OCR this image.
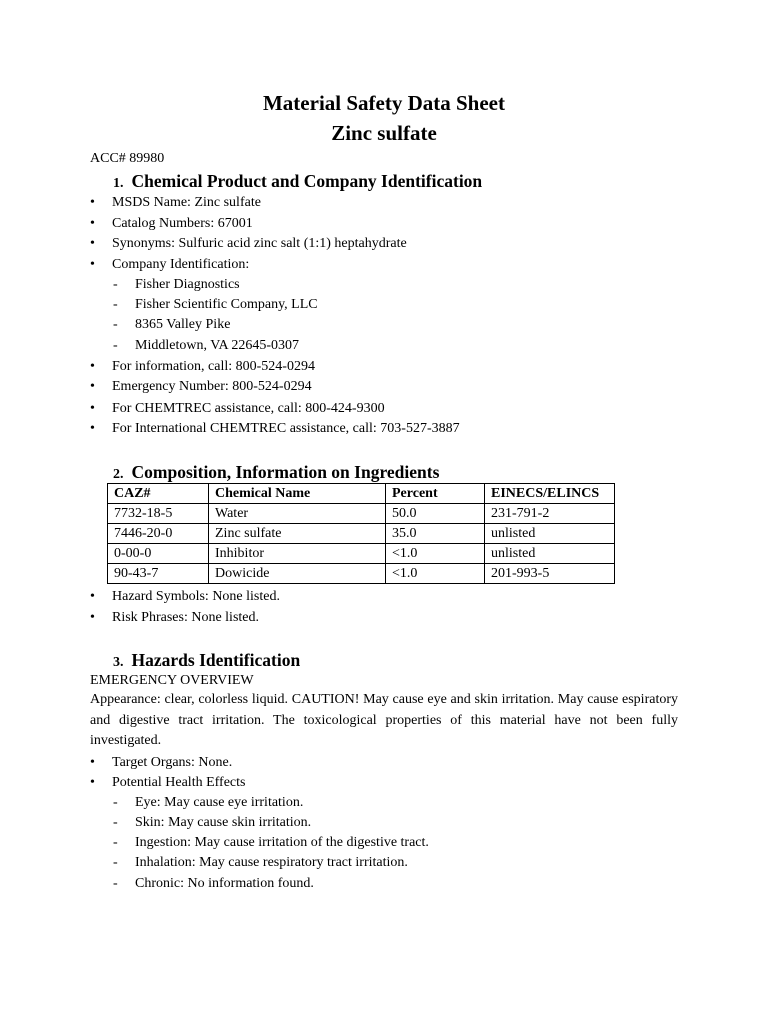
Material Safety Data Sheet
Zinc sulfate
ACC# 89980
1. Chemical Product and Company Identification
•	MSDS Name: Zinc sulfate
•	Catalog Numbers: 67001
•	Synonyms: Sulfuric acid zinc salt (1:1) heptahydrate
•	Company Identification:
- Fisher Diagnostics
- Fisher Scientific Company, LLC
- 8365 Valley Pike
- Middletown, VA 22645-0307
•	For information, call: 800-524-0294
•	Emergency Number: 800-524-0294
•	For CHEMTREC assistance, call: 800-424-9300
•	For International CHEMTREC assistance, call: 703-527-3887
2. Composition, Information on Ingredients
CAZ#	Chemical Name	Percent	EINECS/ELINCS
7732-18-5	Water	50.0	231-791-2
7446-20-0	Zinc sulfate	35.0	unlisted
0-00-0	Inhibitor	<1.0	unlisted
90-43-7	Dowicide	<1.0	201-993-5
•	Hazard Symbols: None listed.
•	Risk Phrases: None listed.
3. Hazards Identification
EMERGENCY OVERVIEW
Appearance: clear, colorless liquid. CAUTION! May cause eye and skin irritation. May cause espiratory and digestive tract irritation. The toxicological properties of this material have not been fully investigated.
•	Target Organs: None.
•	Potential Health Effects
- Eye: May cause eye irritation.
- Skin: May cause skin irritation.
- Ingestion: May cause irritation of the digestive tract.
- Inhalation: May cause respiratory tract irritation.
- Chronic: No information found.
